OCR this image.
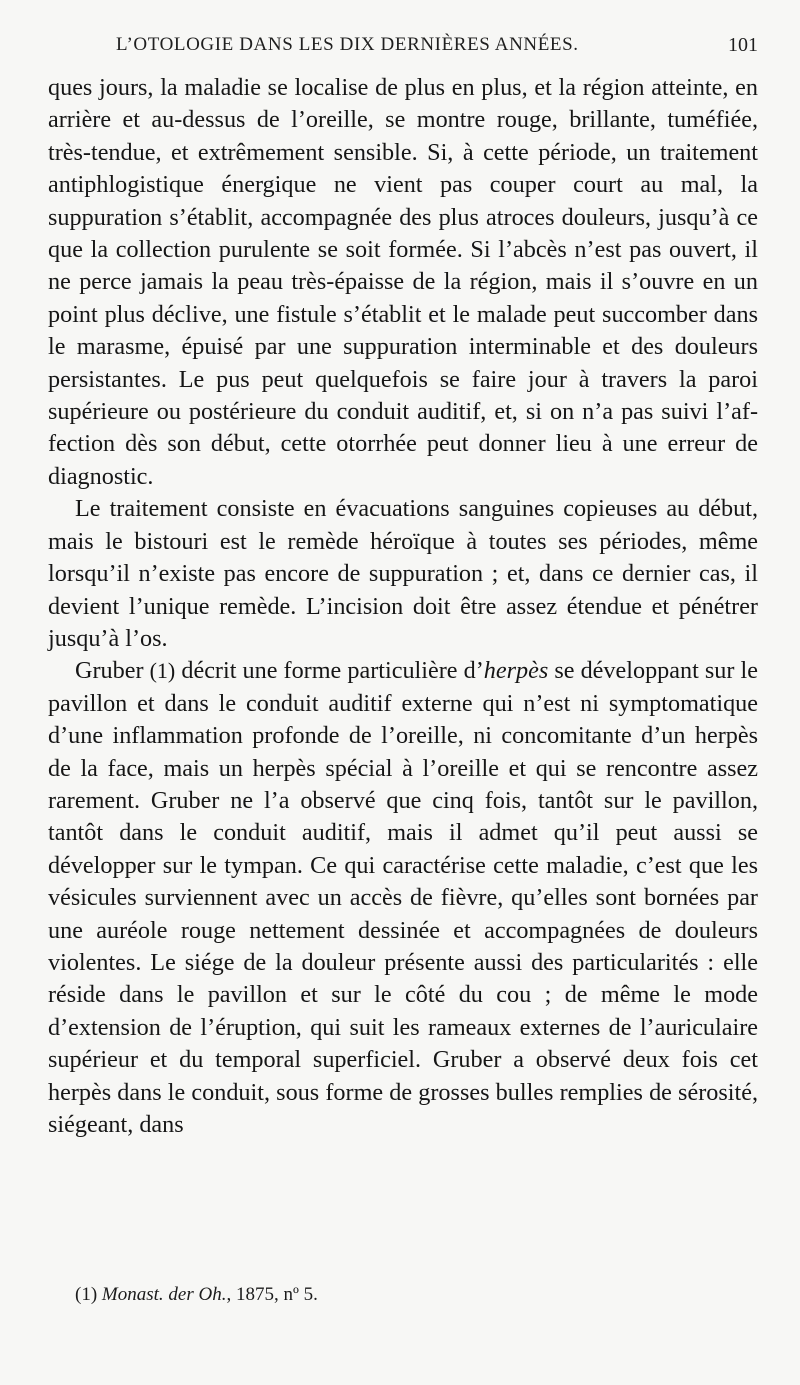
L’OTOLOGIE DANS LES DIX DERNIÈRES ANNÉES.	101

ques jours, la maladie se localise de plus en plus, et la région atteinte, en arrière et au-dessus de l’oreille, se montre rouge, brillante, tuméfiée, très-tendue, et extrêmement sensible. Si, à cette période, un traitement antiphlogistique énergique ne vient pas couper court au mal, la suppuration s’établit, accompagnée des plus atroces douleurs, jusqu’à ce que la collection purulente se soit formée. Si l’abcès n’est pas ouvert, il ne perce jamais la peau très-épaisse de la région, mais il s’ouvre en un point plus déclive, une fistule s’établit et le malade peut succomber dans le marasme, épuisé par une suppuration interminable et des douleurs persistantes. Le pus peut quelquefois se faire jour à travers la paroi supérieure ou postérieure du conduit auditif, et, si on n’a pas suivi l’affection dès son début, cette otorrhée peut donner lieu à une erreur de diagnostic.

Le traitement consiste en évacuations sanguines copieuses au début, mais le bistouri est le remède héroïque à toutes ses périodes, même lorsqu’il n’existe pas encore de suppuration ; et, dans ce dernier cas, il devient l’unique remède. L’incision doit être assez étendue et pénétrer jusqu’à l’os.

Gruber (1) décrit une forme particulière d’herpès se développant sur le pavillon et dans le conduit auditif externe qui n’est ni symptomatique d’une inflammation profonde de l’oreille, ni concomitante d’un herpès de la face, mais un herpès spécial à l’oreille et qui se rencontre assez rarement. Gruber ne l’a observé que cinq fois, tantôt sur le pavillon, tantôt dans le conduit auditif, mais il admet qu’il peut aussi se développer sur le tympan. Ce qui caractérise cette maladie, c’est que les vésicules surviennent avec un accès de fièvre, qu’elles sont bornées par une auréole rouge nettement dessinée et accompagnées de douleurs violentes. Le siége de la douleur présente aussi des particularités : elle réside dans le pavillon et sur le côté du cou ; de même le mode d’extension de l’éruption, qui suit les rameaux externes de l’auriculaire supérieur et du temporal superficiel. Gruber a observé deux fois cet herpès dans le conduit, sous forme de grosses bulles remplies de sérosité, siégeant, dans

(1) Monast. der Oh., 1875, nº 5.
